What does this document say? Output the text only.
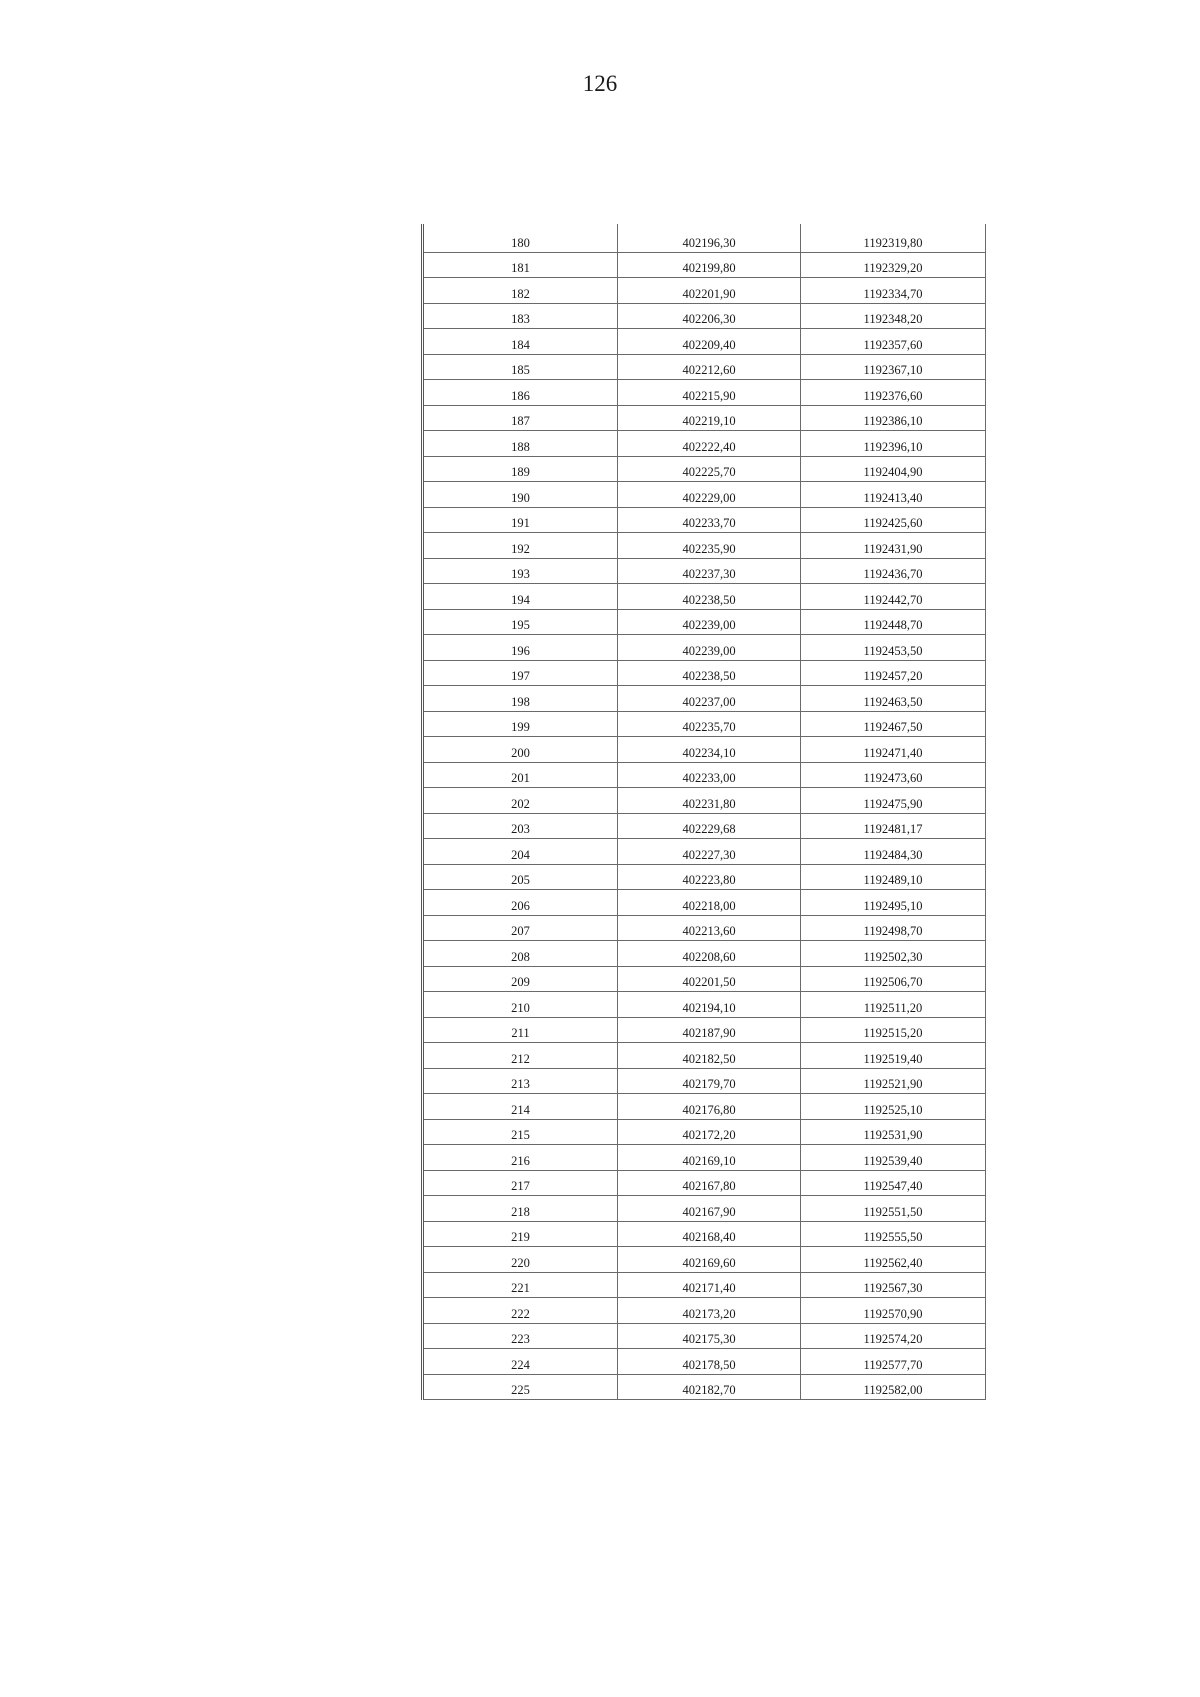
126
180	402196,30	1192319,80
181	402199,80	1192329,20
182	402201,90	1192334,70
183	402206,30	1192348,20
184	402209,40	1192357,60
185	402212,60	1192367,10
186	402215,90	1192376,60
187	402219,10	1192386,10
188	402222,40	1192396,10
189	402225,70	1192404,90
190	402229,00	1192413,40
191	402233,70	1192425,60
192	402235,90	1192431,90
193	402237,30	1192436,70
194	402238,50	1192442,70
195	402239,00	1192448,70
196	402239,00	1192453,50
197	402238,50	1192457,20
198	402237,00	1192463,50
199	402235,70	1192467,50
200	402234,10	1192471,40
201	402233,00	1192473,60
202	402231,80	1192475,90
203	402229,68	1192481,17
204	402227,30	1192484,30
205	402223,80	1192489,10
206	402218,00	1192495,10
207	402213,60	1192498,70
208	402208,60	1192502,30
209	402201,50	1192506,70
210	402194,10	1192511,20
211	402187,90	1192515,20
212	402182,50	1192519,40
213	402179,70	1192521,90
214	402176,80	1192525,10
215	402172,20	1192531,90
216	402169,10	1192539,40
217	402167,80	1192547,40
218	402167,90	1192551,50
219	402168,40	1192555,50
220	402169,60	1192562,40
221	402171,40	1192567,30
222	402173,20	1192570,90
223	402175,30	1192574,20
224	402178,50	1192577,70
225	402182,70	1192582,00
